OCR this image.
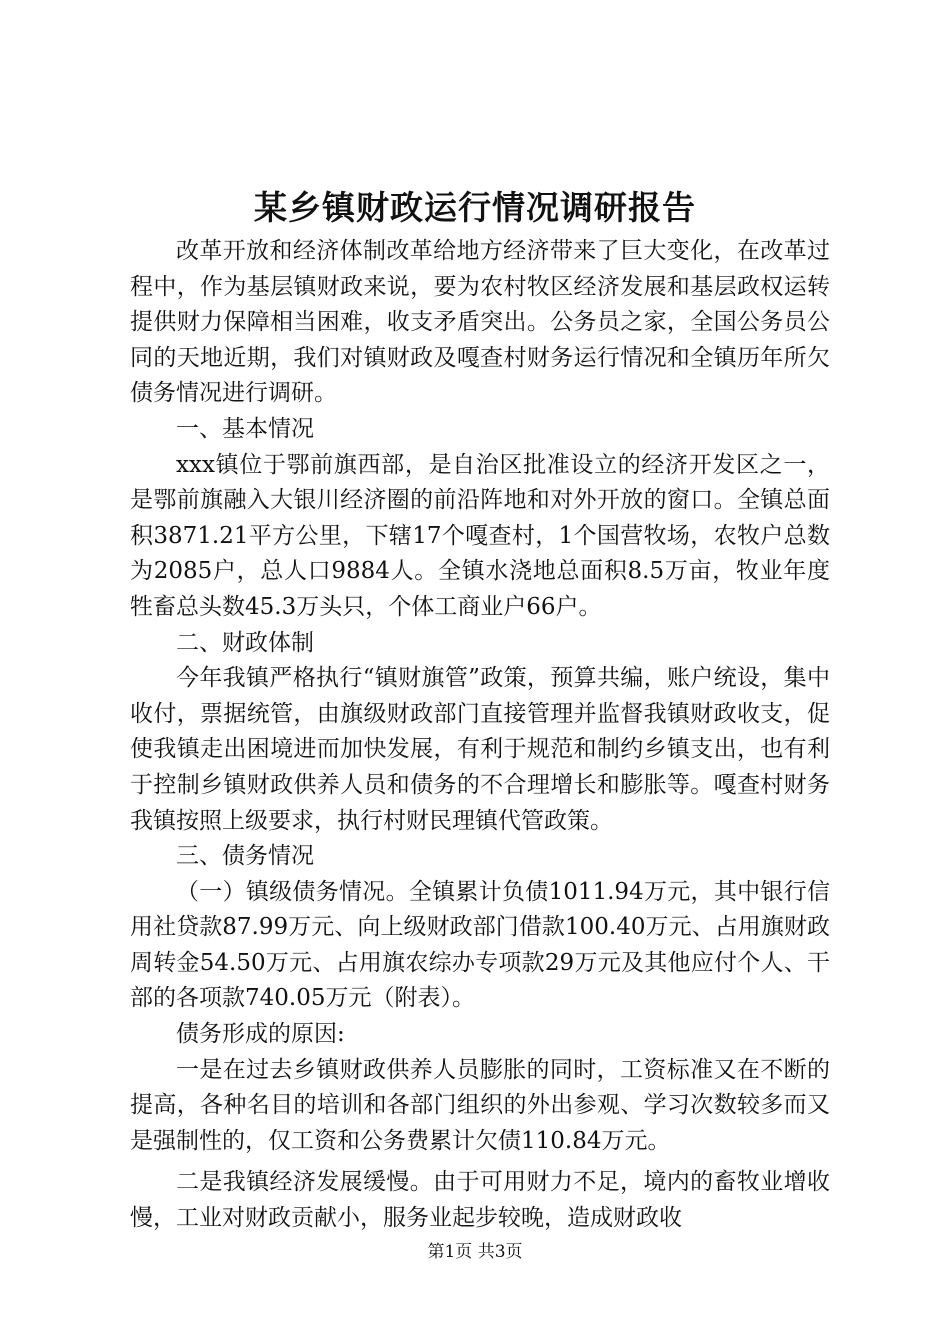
某乡镇财政运行情况调研报告

改革开放和经济体制改革给地方经济带来了巨大变化，在改革过程中，作为基层镇财政来说，要为农村牧区经济发展和基层政权运转提供财力保障相当困难，收支矛盾突出。公务员之家，全国公务员公同的天地近期，我们对镇财政及嘎查村财务运行情况和全镇历年所欠债务情况进行调研。

一、基本情况

xxx镇位于鄂前旗西部，是自治区批准设立的经济开发区之一，是鄂前旗融入大银川经济圈的前沿阵地和对外开放的窗口。全镇总面积3871.21平方公里，下辖17个嘎查村，1个国营牧场，农牧户总数为2085户，总人口9884人。全镇水浇地总面积8.5万亩，牧业年度牲畜总头数45.3万头只，个体工商业户66户。

二、财政体制

今年我镇严格执行“镇财旗管”政策，预算共编，账户统设，集中收付，票据统管，由旗级财政部门直接管理并监督我镇财政收支，促使我镇走出困境进而加快发展，有利于规范和制约乡镇支出，也有利于控制乡镇财政供养人员和债务的不合理增长和膨胀等。嘎查村财务我镇按照上级要求，执行村财民理镇代管政策。

三、债务情况

（一）镇级债务情况。全镇累计负债1011.94万元，其中银行信用社贷款87.99万元、向上级财政部门借款100.40万元、占用旗财政周转金54.50万元、占用旗农综办专项款29万元及其他应付个人、干部的各项款740.05万元（附表）。

债务形成的原因:

一是在过去乡镇财政供养人员膨胀的同时，工资标准又在不断的提高，各种名目的培训和各部门组织的外出参观、学习次数较多而又是强制性的，仅工资和公务费累计欠债110.84万元。

二是我镇经济发展缓慢。由于可用财力不足，境内的畜牧业增收慢，工业对财政贡献小，服务业起步较晚，造成财政收

第1页 共3页
